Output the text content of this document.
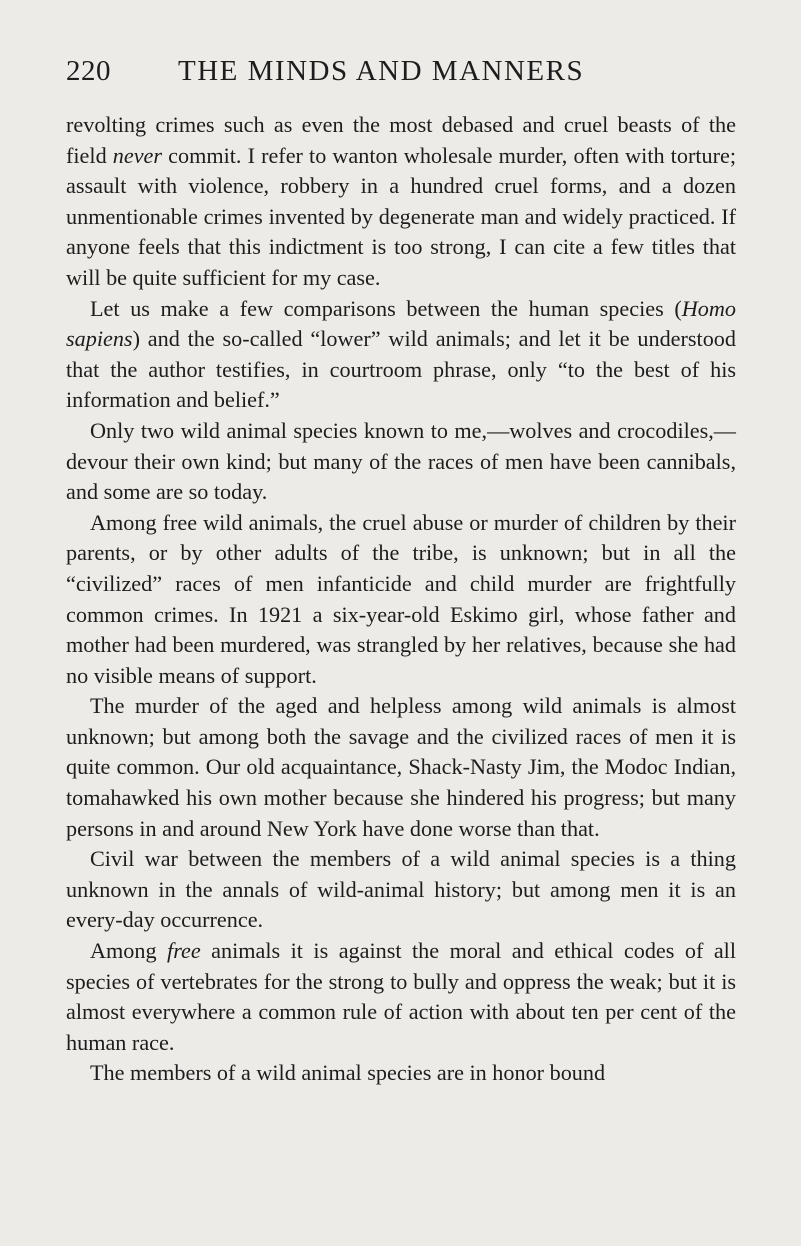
220 THE MINDS AND MANNERS

revolting crimes such as even the most debased and cruel beasts of the field never commit. I refer to wanton wholesale murder, often with torture; assault with violence, robbery in a hundred cruel forms, and a dozen unmentionable crimes invented by degenerate man and widely practiced. If anyone feels that this indictment is too strong, I can cite a few titles that will be quite sufficient for my case.

Let us make a few comparisons between the human species (Homo sapiens) and the so-called “lower” wild animals; and let it be understood that the author testifies, in courtroom phrase, only “to the best of his information and belief.”

Only two wild animal species known to me,—wolves and crocodiles,— devour their own kind; but many of the races of men have been cannibals, and some are so today.

Among free wild animals, the cruel abuse or murder of children by their parents, or by other adults of the tribe, is unknown; but in all the “civilized” races of men infanticide and child murder are frightfully common crimes. In 1921 a six-year-old Eskimo girl, whose father and mother had been murdered, was strangled by her relatives, because she had no visible means of support.

The murder of the aged and helpless among wild animals is almost unknown; but among both the savage and the civilized races of men it is quite common. Our old acquaintance, Shack-Nasty Jim, the Modoc Indian, tomahawked his own mother because she hindered his progress; but many persons in and around New York have done worse than that.

Civil war between the members of a wild animal species is a thing unknown in the annals of wild-animal history; but among men it is an every-day occurrence.

Among free animals it is against the moral and ethical codes of all species of vertebrates for the strong to bully and oppress the weak; but it is almost everywhere a common rule of action with about ten per cent of the human race.

The members of a wild animal species are in honor bound
